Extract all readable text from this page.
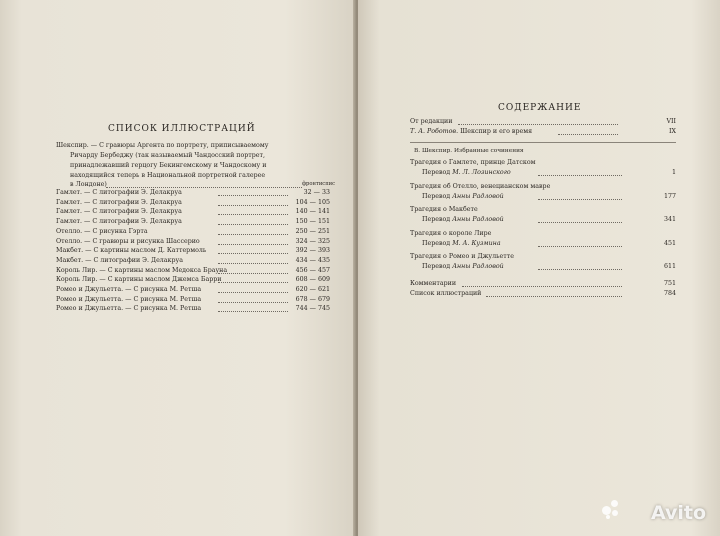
СПИСОК ИЛЛЮСТРАЦИЙ
Шекспир. — С гравюры Аргента по портрету, приписываемому
Ричарду Бербеджу (так называемый Чандосский портрет,
принадлежавший герцогу Бекингемскому и Чандоскому и
находящийся теперь в Национальной портретной галерее
в Лондоне)	фронтиспис
Гамлет. — С литографии Э. Делакруа	32 — 33
Гамлет. — С литографии Э. Делакруа	104 — 105
Гамлет. — С литографии Э. Делакруа	140 — 141
Гамлет. — С литографии Э. Делакруа	150 — 151
Отелло. — С рисунка Гэрта	250 — 251
Отелло. — С гравюры и рисунка Шассерио	324 — 325
Макбет. — С картины маслом Д. Каттермоль	392 — 393
Макбет. — С литографии Э. Делакруа	434 — 435
Король Лир. — С картины маслом Медокса Брауна	456 — 457
Король Лир. — С картины маслом Джемса Барри	608 — 609
Ромео и Джульетта. — С рисунка М. Ретша	620 — 621
Ромео и Джульетта. — С рисунка М. Ретша	678 — 679
Ромео и Джульетта. — С рисунка М. Ретша	744 — 745
СОДЕРЖАНИЕ
От редакции	VII
Т. А. Роботов. Шекспир и его время	IX
В. Шекспир. Избранные сочинения
Трагедия о Гамлете, принце Датском
Перевод М. Л. Лозинского	1
Трагедия об Отелло, венецианском мавре
Перевод Анны Радловой	177
Трагедия о Макбете
Перевод Анны Радловой	341
Трагедия о короле Лире
Перевод М. А. Кузмина	451
Трагедия о Ромео и Джульетте
Перевод Анны Радловой	611
Комментарии	751
Список иллюстраций	784
Avito
